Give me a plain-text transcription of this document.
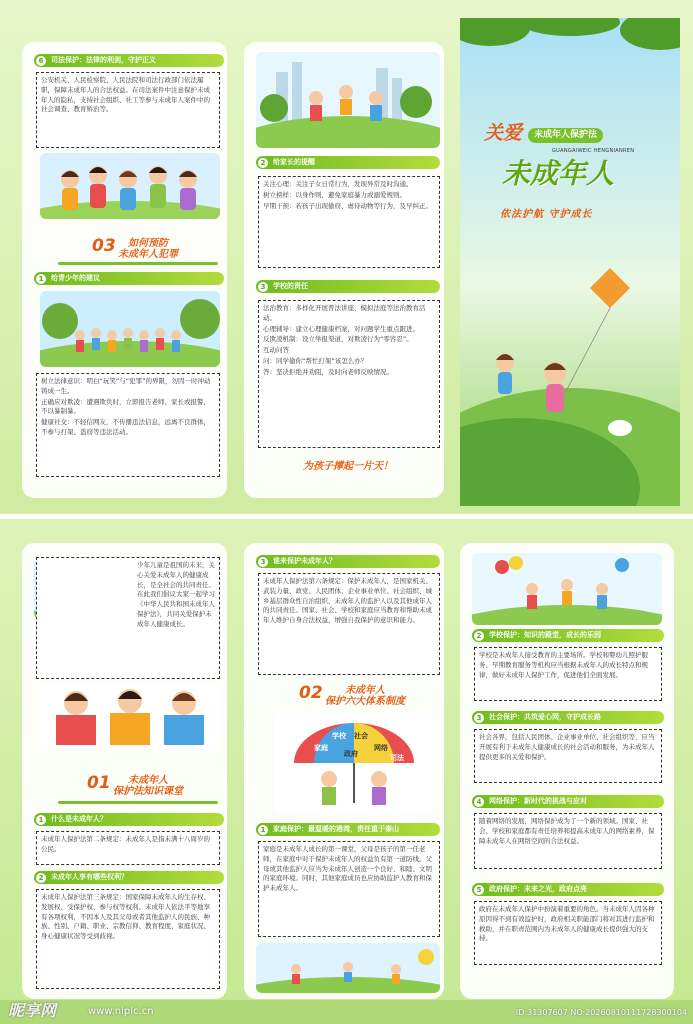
6	司法保护：法律的利剑，守护正义

公安机关、人民检察院、人民法院和司法行政部门依法履职，保障未成年人的合法权益。在司法案件中注意保护未成年人的隐私，支持社会组织、社工等参与未成年人案件中的社会调查、教育矫治等。

03 如何预防
未成年人犯罪
1	给青少年的建议

树立法律意识：明白“玩笑”与“犯罪”的界限，勿因一时冲动铸成一生。

正确应对欺凌：遭遇欺负时，立即报告老师、家长或报警，不以暴制暴。

健康社交：不轻信网友，不传播违法信息，远离不良群体，不参与打架、盗窃等违法活动。

2	给家长的提醒

关注心理：关注子女日常行为，发现异常及时沟通。

树立榜样：以身作则，避免家庭暴力或溺爱规则。

早期干预：若孩子出现偷窃、虐待动物等行为，及早纠正。

3	学校的责任

法治教育：多样化开展普法讲座、模拟法庭等法治教育活动。

心理辅导：建立心理健康档案，对问题学生重点跟进。

反欺凌机制：设立举报渠道，对欺凌行为“零容忍”。

互动问答

问：同学偷你“帮忙打架”该怎么办？

答：坚决拒绝并劝阻，及时向老师反映情况。

为孩子撑起一片天！
关爱	未成年人保护法
GUANGAIWEIC HENGNIANREN
未成年人
依法护航 守护成长

少年儿童是祖国的未来，关心关爱未成年人的健康成长，是全社会的共同责任。在此我们倡议大家一起学习《中华人民共和国未成年人保护法》，共同关爱保护未成年人健康成长。

01 未成年人
保护法知识课堂
1	什么是未成年人？

未成年人保护法第二条规定：未成年人是指未满十八周岁的公民。

2	未成年人享有哪些权利？

未成年人保护法第三条规定：国家保障未成年人的生存权、发展权、受保护权、参与权等权利。未成年人依法平等地享有各项权利，不因本人及其父母或者其他监护人的民族、种族、性别、户籍、职业、宗教信仰、教育程度、家庭状况、身心健康状况等受到歧视。

3	谁来保护未成年人？

未成年人保护法第六条规定：保护未成年人，是国家机关、武装力量、政党、人民团体、企业事业单位、社会组织、城乡基层群众性自治组织、未成年人的监护人以及其他成年人的共同责任。国家、社会、学校和家庭应当教育和帮助未成年人维护自身合法权益，增强自我保护的意识和能力。

02 未成年人
保护六大体系制度
家庭
学校 社会
网络
政府	司法
1	家庭保护：最温暖的港湾，责任重于泰山

家庭是未成年人成长的第一课堂，父母是孩子的第一任老师，在家庭中对于保护未成年人的权益负有第一道防线。父母或其他监护人应当为未成年人创造一个良好、和睦、文明的家庭环境。同时，其他家庭成员也应协助监护人教育和保护未成年人。

2	学校保护：知识的殿堂，成长的乐园

学校是未成年人接受教育的主要场所。学校和婴幼儿照护服务、早期教育服务等机构应当根据未成年人的成长特点和规律，做好未成年人保护工作，促进他们全面发展。

3	社会保护：共筑爱心网，守护成长路

社会各界，包括人民团体、企业事业单位、社会组织等，应当开展有利于未成年人健康成长的社会活动和服务，为未成年人提供更多的关爱和保护。

4	网络保护：新时代的挑战与应对

随着网络的发展，网络保护成为了一个新的领域。国家、社会、学校和家庭都有责任培养和提高未成年人的网络素养，保障未成年人在网络空间的合法权益。

5	政府保护：未来之光，政府点亮

政府在未成年人保护中扮演着重要的角色。当未成年人因各种原因得不到有效监护时，政府相关职能部门将对其进行监护和救助，并在职责范围内为未成年人的健康成长提供强大的支持。

昵享网	www.nipic.cn	ID:31307607 NO:20260810111728300104
